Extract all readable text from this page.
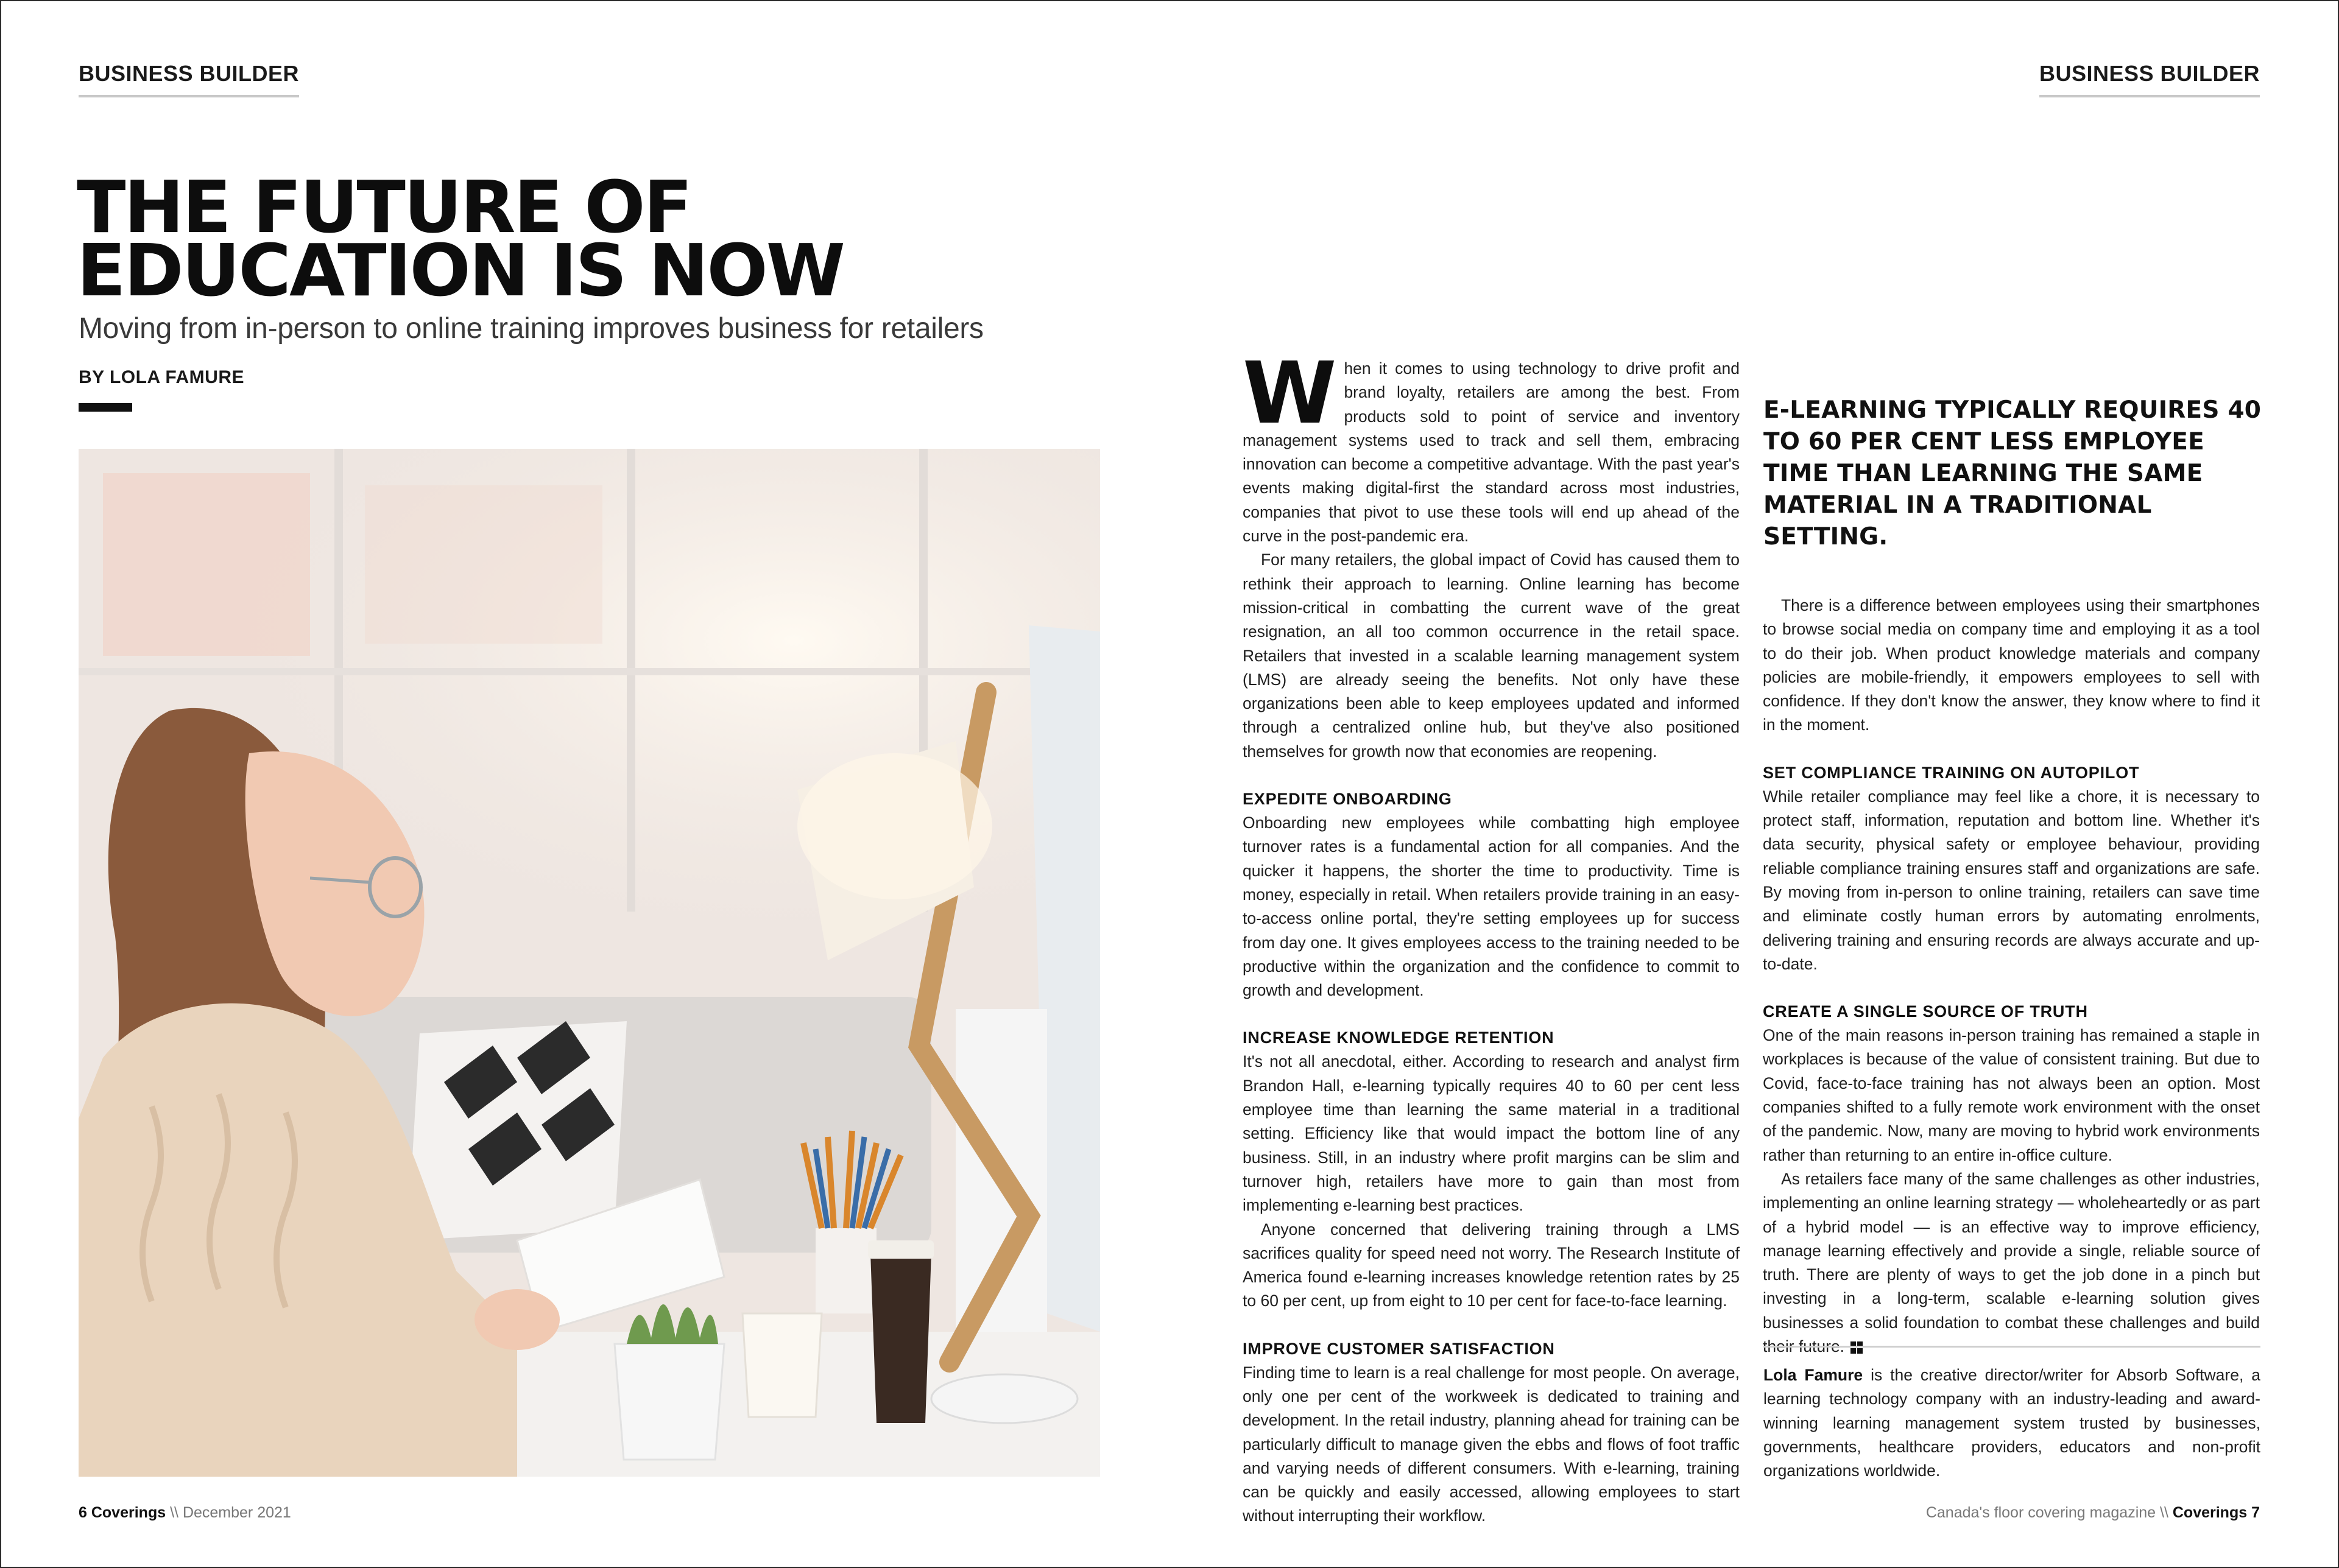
BUSINESS BUILDER
THE FUTURE OF
EDUCATION IS NOW
Moving from in-person to online training improves business for retailers
BY LOLA FAMURE
6 Coverings \\ December 2021
BUSINESS BUILDER

When it comes to using technology to drive profit and brand loyalty, retailers are among the best. From products sold to point of service and inventory management systems used to track and sell them, embracing innovation can become a competitive advantage. With the past year's events making digital-first the standard across most industries, companies that pivot to use these tools will end up ahead of the curve in the post-pandemic era.

For many retailers, the global impact of Covid has caused them to rethink their approach to learning. Online learning has become mission-critical in combatting the current wave of the great resignation, an all too common occurrence in the retail space. Retailers that invested in a scalable learning management system (LMS) are already seeing the benefits. Not only have these organizations been able to keep employees updated and informed through a centralized online hub, but they've also positioned themselves for growth now that economies are reopening.

EXPEDITE ONBOARDING

Onboarding new employees while combatting high employee turnover rates is a fundamental action for all companies. And the quicker it happens, the shorter the time to productivity. Time is money, especially in retail. When retailers provide training in an easy-to-access online portal, they're setting employees up for success from day one. It gives employees access to the training needed to be productive within the organization and the confidence to commit to growth and development.

INCREASE KNOWLEDGE RETENTION

It's not all anecdotal, either. According to research and analyst firm Brandon Hall, e-learning typically requires 40 to 60 per cent less employee time than learning the same material in a traditional setting. Efficiency like that would impact the bottom line of any business. Still, in an industry where profit margins can be slim and turnover high, retailers have more to gain than most from implementing e-learning best practices.

Anyone concerned that delivering training through a LMS sacrifices quality for speed need not worry. The Research Institute of America found e-learning increases knowledge retention rates by 25 to 60 per cent, up from eight to 10 per cent for face-to-face learning.

IMPROVE CUSTOMER SATISFACTION

Finding time to learn is a real challenge for most people. On average, only one per cent of the workweek is dedicated to training and development. In the retail industry, planning ahead for training can be particularly difficult to manage given the ebbs and flows of foot traffic and varying needs of different consumers. With e-learning, training can be quickly and easily accessed, allowing employees to start without interrupting their workflow.

E-LEARNING TYPICALLY REQUIRES 40 TO 60 PER CENT LESS EMPLOYEE TIME THAN LEARNING THE SAME MATERIAL IN A TRADITIONAL SETTING.

There is a difference between employees using their smartphones to browse social media on company time and employing it as a tool to do their job. When product knowledge materials and company policies are mobile-friendly, it empowers employees to sell with confidence. If they don't know the answer, they know where to find it in the moment.

SET COMPLIANCE TRAINING ON AUTOPILOT

While retailer compliance may feel like a chore, it is necessary to protect staff, information, reputation and bottom line. Whether it's data security, physical safety or employee behaviour, providing reliable compliance training ensures staff and organizations are safe. By moving from in-person to online training, retailers can save time and eliminate costly human errors by automating enrolments, delivering training and ensuring records are always accurate and up-to-date.

CREATE A SINGLE SOURCE OF TRUTH

One of the main reasons in-person training has remained a staple in workplaces is because of the value of consistent training. But due to Covid, face-to-face training has not always been an option. Most companies shifted to a fully remote work environment with the onset of the pandemic. Now, many are moving to hybrid work environments rather than returning to an entire in-office culture.

As retailers face many of the same challenges as other industries, implementing an online learning strategy — wholeheartedly or as part of a hybrid model — is an effective way to improve efficiency, manage learning effectively and provide a single, reliable source of truth. There are plenty of ways to get the job done in a pinch but investing in a long-term, scalable e-learning solution gives businesses a solid foundation to combat these challenges and build their future.

Lola Famure is the creative director/writer for Absorb Software, a learning technology company with an industry-leading and award-winning learning management system trusted by businesses, governments, healthcare providers, educators and non-profit organizations worldwide.
Canada's floor covering magazine \\ Coverings 7
